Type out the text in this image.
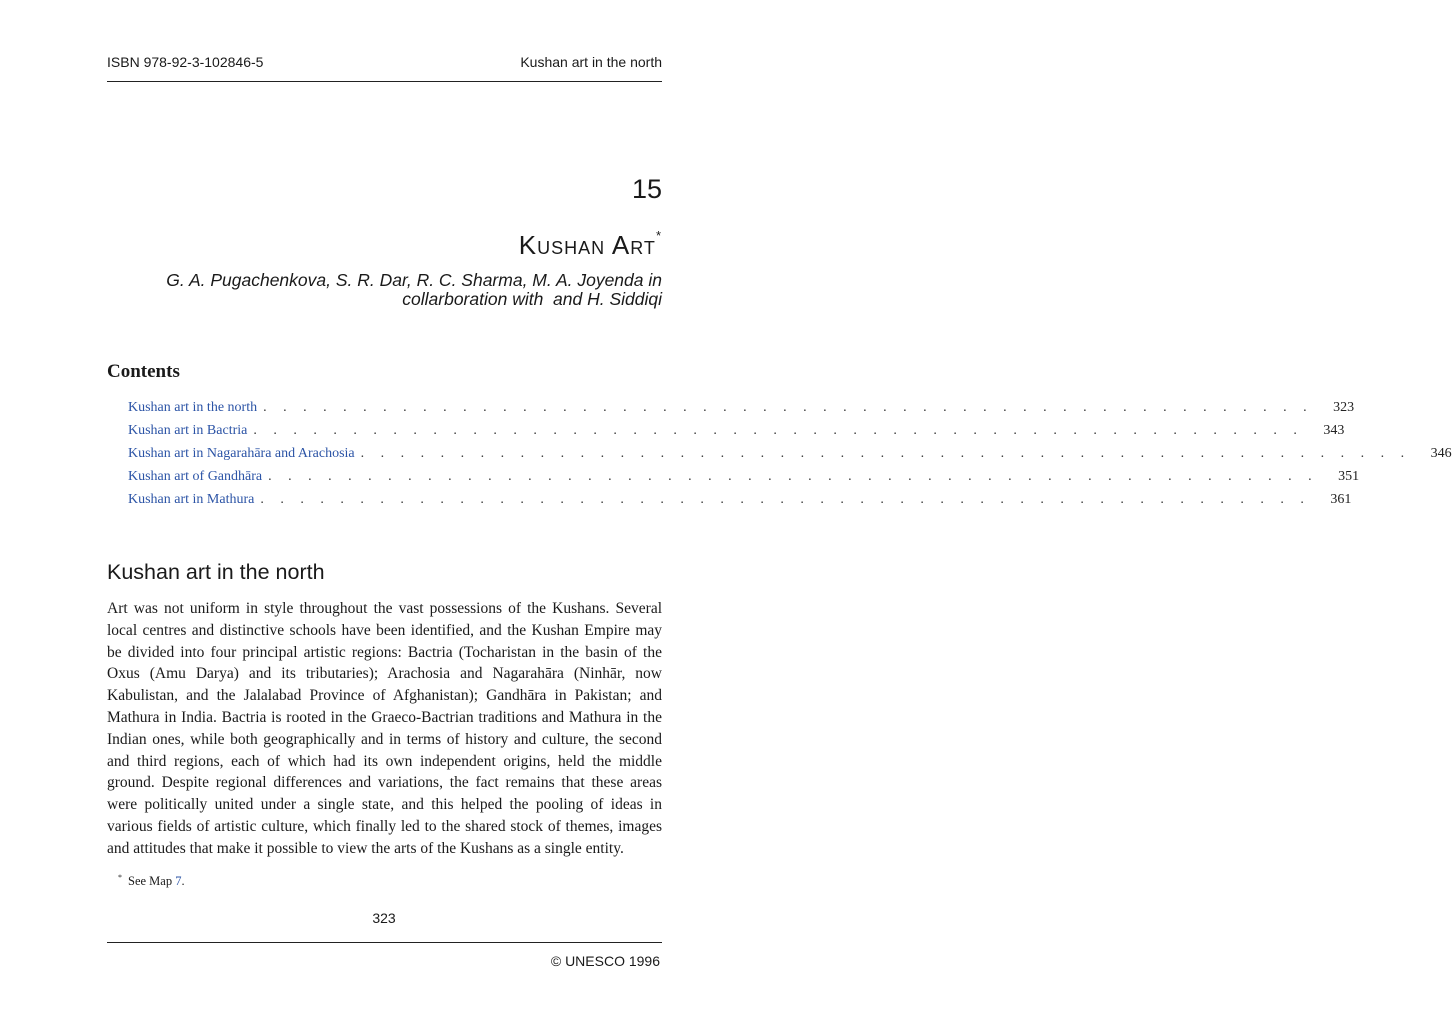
ISBN 978-92-3-102846-5	Kushan art in the north
15
Kushan Art*
G. A. Pugachenkova, S. R. Dar, R. C. Sharma, M. A. Joyenda in
collarboration with  and H. Siddiqi
Contents
Kushan art in the north . . . . . . . . . . . . . . . . . . . . . . . . . . . . . . . . . . . . . . . . . . . . . . . . . . . . . 323
Kushan art in Bactria . . . . . . . . . . . . . . . . . . . . . . . . . . . . . . . . . . . . . . . . . . . . . . . . . . . . . 343
Kushan art in Nagarahāra and Arachosia . . . . . . . . . . . . . . . . . . . . . . . . . . . . . . . . . . . . . . . . . . . . . . . . . . . . . 346
Kushan art of Gandhāra . . . . . . . . . . . . . . . . . . . . . . . . . . . . . . . . . . . . . . . . . . . . . . . . . . . . . 351
Kushan art in Mathura . . . . . . . . . . . . . . . . . . . . . . . . . . . . . . . . . . . . . . . . . . . . . . . . . . . . . 361
Kushan art in the north

Art was not uniform in style throughout the vast possessions of the Kushans. Several local centres and distinctive schools have been identified, and the Kushan Empire may be divided into four principal artistic regions: Bactria (Tocharistan in the basin of the Oxus (Amu Darya) and its tributaries); Arachosia and Nagarahāra (Ninhār, now Kabulistan, and the Jalalabad Province of Afghanistan); Gandhāra in Pakistan; and Mathura in India. Bactria is rooted in the Graeco-Bactrian traditions and Mathura in the Indian ones, while both geographically and in terms of history and culture, the second and third regions, each of which had its own independent origins, held the middle ground. Despite regional differences and variations, the fact remains that these areas were politically united under a single state, and this helped the pooling of ideas in various fields of artistic culture, which finally led to the shared stock of themes, images and attitudes that make it possible to view the arts of the Kushans as a single entity.

* See Map 7.
323
© UNESCO 1996
